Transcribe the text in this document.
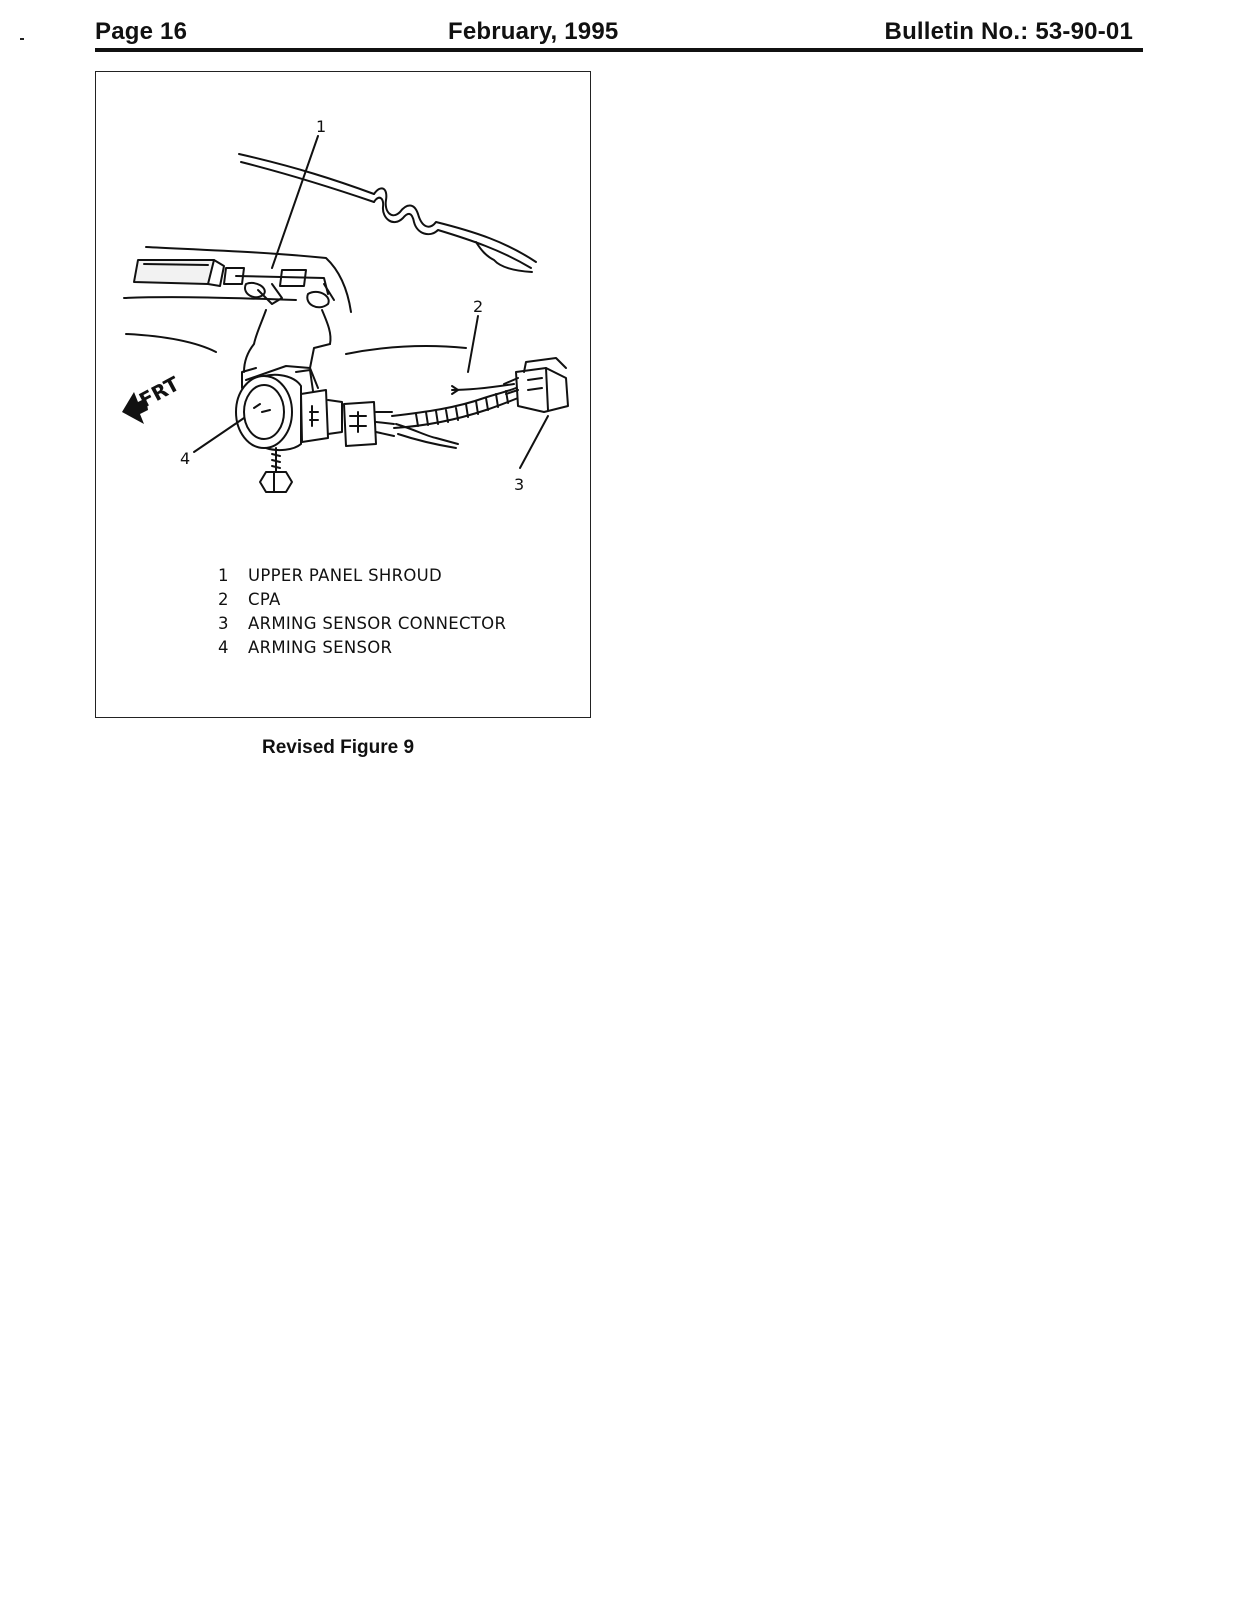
Page 16	February, 1995	Bulletin No.: 53-90-01
FRT
1
2
3
4
1	UPPER PANEL SHROUD
2	CPA
3	ARMING SENSOR CONNECTOR
4	ARMING SENSOR
Revised Figure 9
